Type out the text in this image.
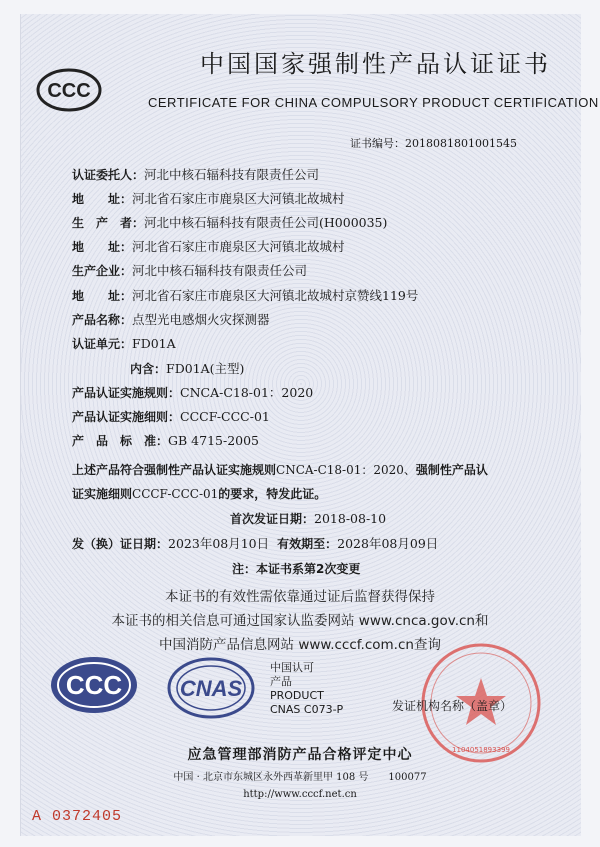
CCC
中国国家强制性产品认证证书
CERTIFICATE FOR CHINA COMPULSORY PRODUCT CERTIFICATION
证书编号：2018081801001545
认证委托人：河北中核石辐科技有限责任公司
地　　址：河北省石家庄市鹿泉区大河镇北故城村
生　产　者：河北中核石辐科技有限责任公司(H000035)
地　　址：河北省石家庄市鹿泉区大河镇北故城村
生产企业：河北中核石辐科技有限责任公司
地　　址：河北省石家庄市鹿泉区大河镇北故城村京赞线119号
产品名称：点型光电感烟火灾探测器
认证单元：FD01A
内含：FD01A(主型)
产品认证实施规则：CNCA-C18-01：2020
产品认证实施细则：CCCF-CCC-01
产　品　标　准：GB 4715-2005
上述产品符合强制性产品认证实施规则CNCA-C18-01：2020、强制性产品认
证实施细则CCCF-CCC-01的要求，特发此证。
首次发证日期：2018-08-10
发（换）证日期：2023年08月10日 有效期至：2028年08月09日
注：本证书系第2次变更
本证书的有效性需依靠通过证后监督获得保持
本证书的相关信息可通过国家认监委网站 www.cnca.gov.cn和
中国消防产品信息网站 www.cccf.com.cn查询
CCC	CNAS
中国认可
产品
PRODUCT
CNAS C073-P
1104051893399
发证机构名称（盖章）
应急管理部消防产品合格评定中心
中国 · 北京市东城区永外西革新里甲 108 号　　100077
http://www.cccf.net.cn
A 0372405
